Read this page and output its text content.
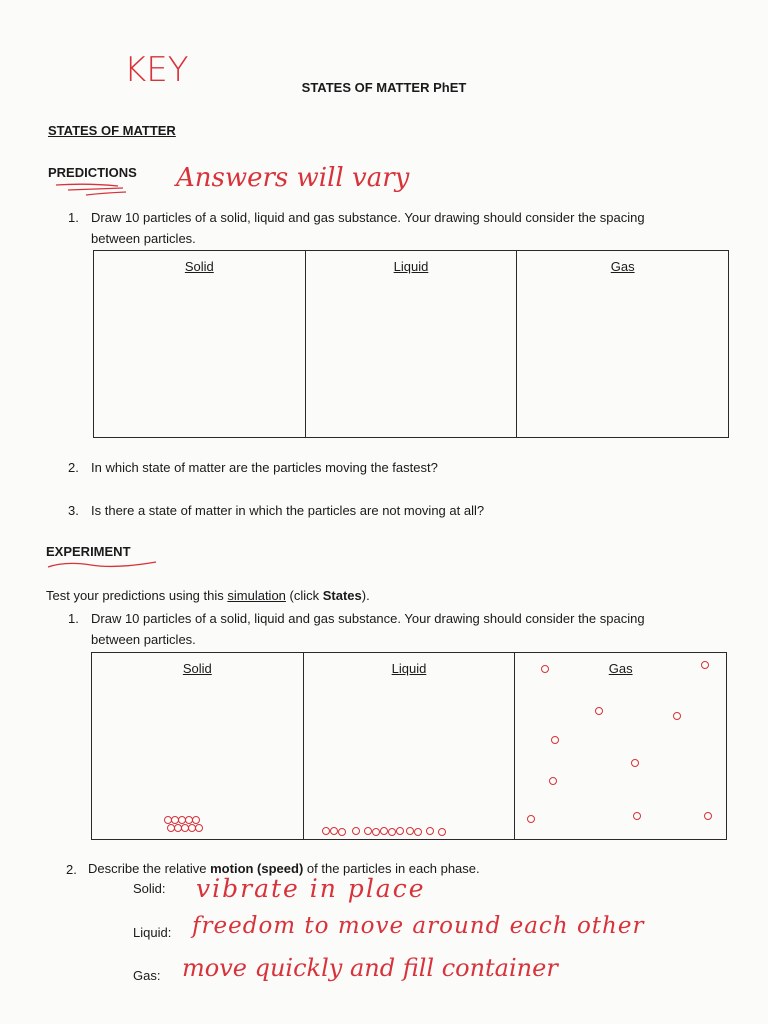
KEY	STATES OF MATTER PhET
STATES OF MATTER
PREDICTIONS Answers will vary
1. Draw 10 particles of a solid, liquid and gas substance. Your drawing should consider the spacing
between particles.
Solid	Liquid	Gas
2. In which state of matter are the particles moving the fastest?
3. Is there a state of matter in which the particles are not moving at all?
EXPERIMENT
Test your predictions using this simulation (click States).
1. Draw 10 particles of a solid, liquid and gas substance. Your drawing should consider the spacing
between particles.
Solid	Liquid	Gas
2. Describe the relative motion (speed) of the particles in each phase.
Solid: vibrate in place
Liquid: freedom to move around each other
Gas: move quickly and fill container
